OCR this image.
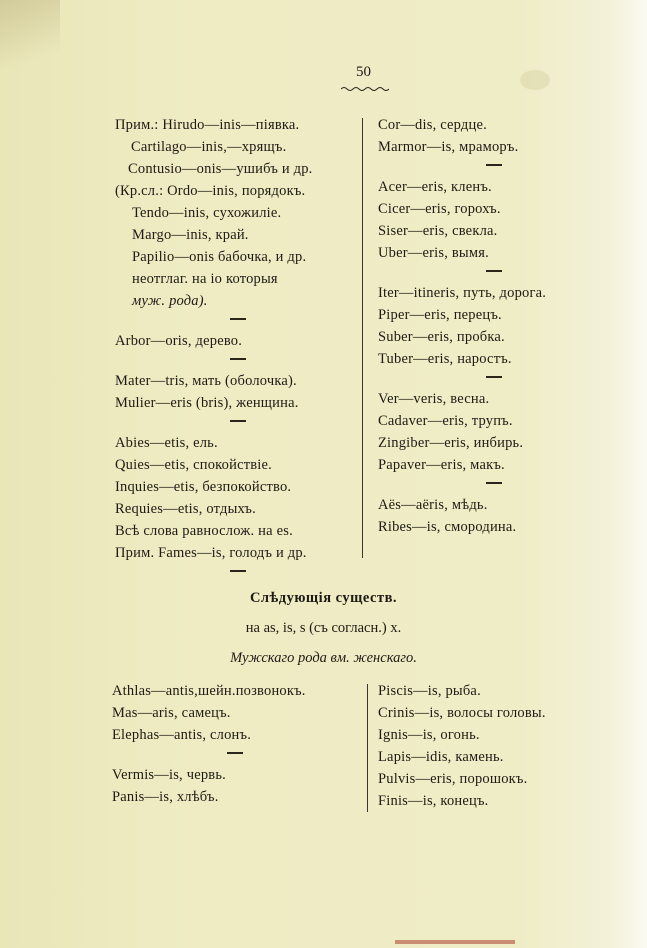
50
Прим.: Hirudo—inis—піявка.
Cartilago—inis,—хрящъ.
Contusio—onis—ушибъ и др.
(Кр.сл.: Ordo—inis, порядокъ.
Tendo—inis, сухожиліе.
Margo—inis, край.
Papilio—onis бабочка, и др.
неотглаг. на іо которыя
муж. рода).
Arbor—oris, дерево.
Mater—tris, мать (оболочка).
Mulier—eris (bris), женщина.
Abies—etis, ель.
Quies—etis, спокойствіе.
Inquies—etis, безпокойство.
Requies—etis, отдыхъ.
Всѣ слова равнослож. на es.
Прим. Fames—is, голодъ и др.
Cor—dis, сердце.
Marmor—is, мраморъ.
Acer—eris, кленъ.
Cicer—eris, горохъ.
Siser—eris, свекла.
Uber—eris, вымя.
Iter—itineris, путь, дорога.
Piper—eris, перецъ.
Suber—eris, пробка.
Tuber—eris, наростъ.
Ver—veris, весна.
Cadaver—eris, трупъ.
Zingiber—eris, инбирь.
Papaver—eris, макъ.
Aës—aëris, мѣдь.
Ribes—is, смородина.
Слѣдующія существ.
на as, is, s (съ согласн.) x.
Мужскаго рода вм. женскаго.
Athlas—antis,шейн.позвонокъ.
Mas—aris, самецъ.
Elephas—antis, слонъ.
Vermis—is, червь.
Panis—is, хлѣбъ.
Piscis—is, рыба.
Crinis—is, волосы головы.
Ignis—is, огонь.
Lapis—idis, камень.
Pulvis—eris, порошокъ.
Finis—is, конецъ.
